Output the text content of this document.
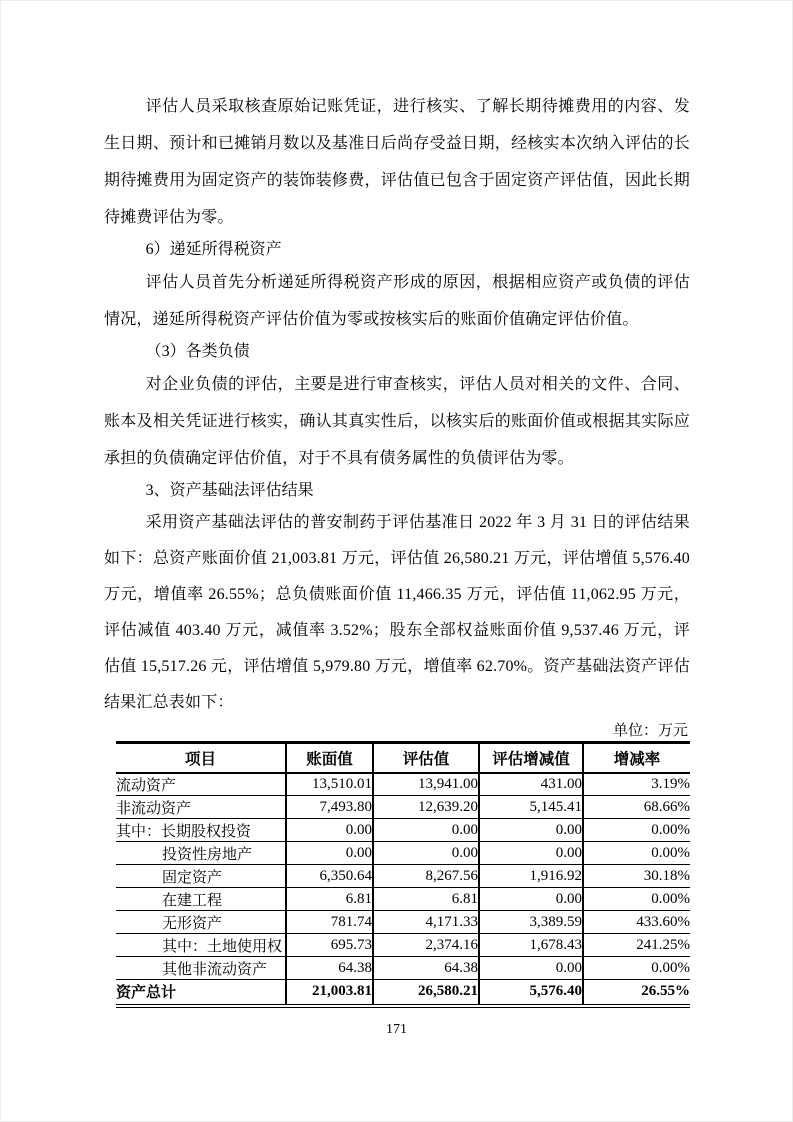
评估人员采取核查原始记账凭证，进行核实、了解长期待摊费用的内容、发生日期、预计和已摊销月数以及基准日后尚存受益日期，经核实本次纳入评估的长期待摊费用为固定资产的装饰装修费，评估值已包含于固定资产评估值，因此长期待摊费评估为零。

6）递延所得税资产

评估人员首先分析递延所得税资产形成的原因，根据相应资产或负债的评估情况，递延所得税资产评估价值为零或按核实后的账面价值确定评估价值。

（3）各类负债

对企业负债的评估，主要是进行审查核实，评估人员对相关的文件、合同、账本及相关凭证进行核实，确认其真实性后，以核实后的账面价值或根据其实际应承担的负债确定评估价值，对于不具有债务属性的负债评估为零。

3、资产基础法评估结果

采用资产基础法评估的普安制药于评估基准日 2022 年 3 月 31 日的评估结果如下：总资产账面价值 21,003.81 万元，评估值 26,580.21 万元，评估增值 5,576.40 万元，增值率 26.55%；总负债账面价值 11,466.35 万元，评估值 11,062.95 万元，评估减值 403.40 万元，减值率 3.52%；股东全部权益账面价值 9,537.46 万元，评估值 15,517.26 元，评估增值 5,979.80 万元，增值率 62.70%。资产基础法资产评估结果汇总表如下：

单位：万元

项目	账面值	评估值	评估增减值	增减率
流动资产	13,510.01	13,941.00	431.00	3.19%
非流动资产	7,493.80	12,639.20	5,145.41	68.66%
其中：长期股权投资	0.00	0.00	0.00	0.00%
投资性房地产	0.00	0.00	0.00	0.00%
固定资产	6,350.64	8,267.56	1,916.92	30.18%
在建工程	6.81	6.81	0.00	0.00%
无形资产	781.74	4,171.33	3,389.59	433.60%
其中：土地使用权	695.73	2,374.16	1,678.43	241.25%
其他非流动资产	64.38	64.38	0.00	0.00%
资产总计	21,003.81	26,580.21	5,576.40	26.55%
171
